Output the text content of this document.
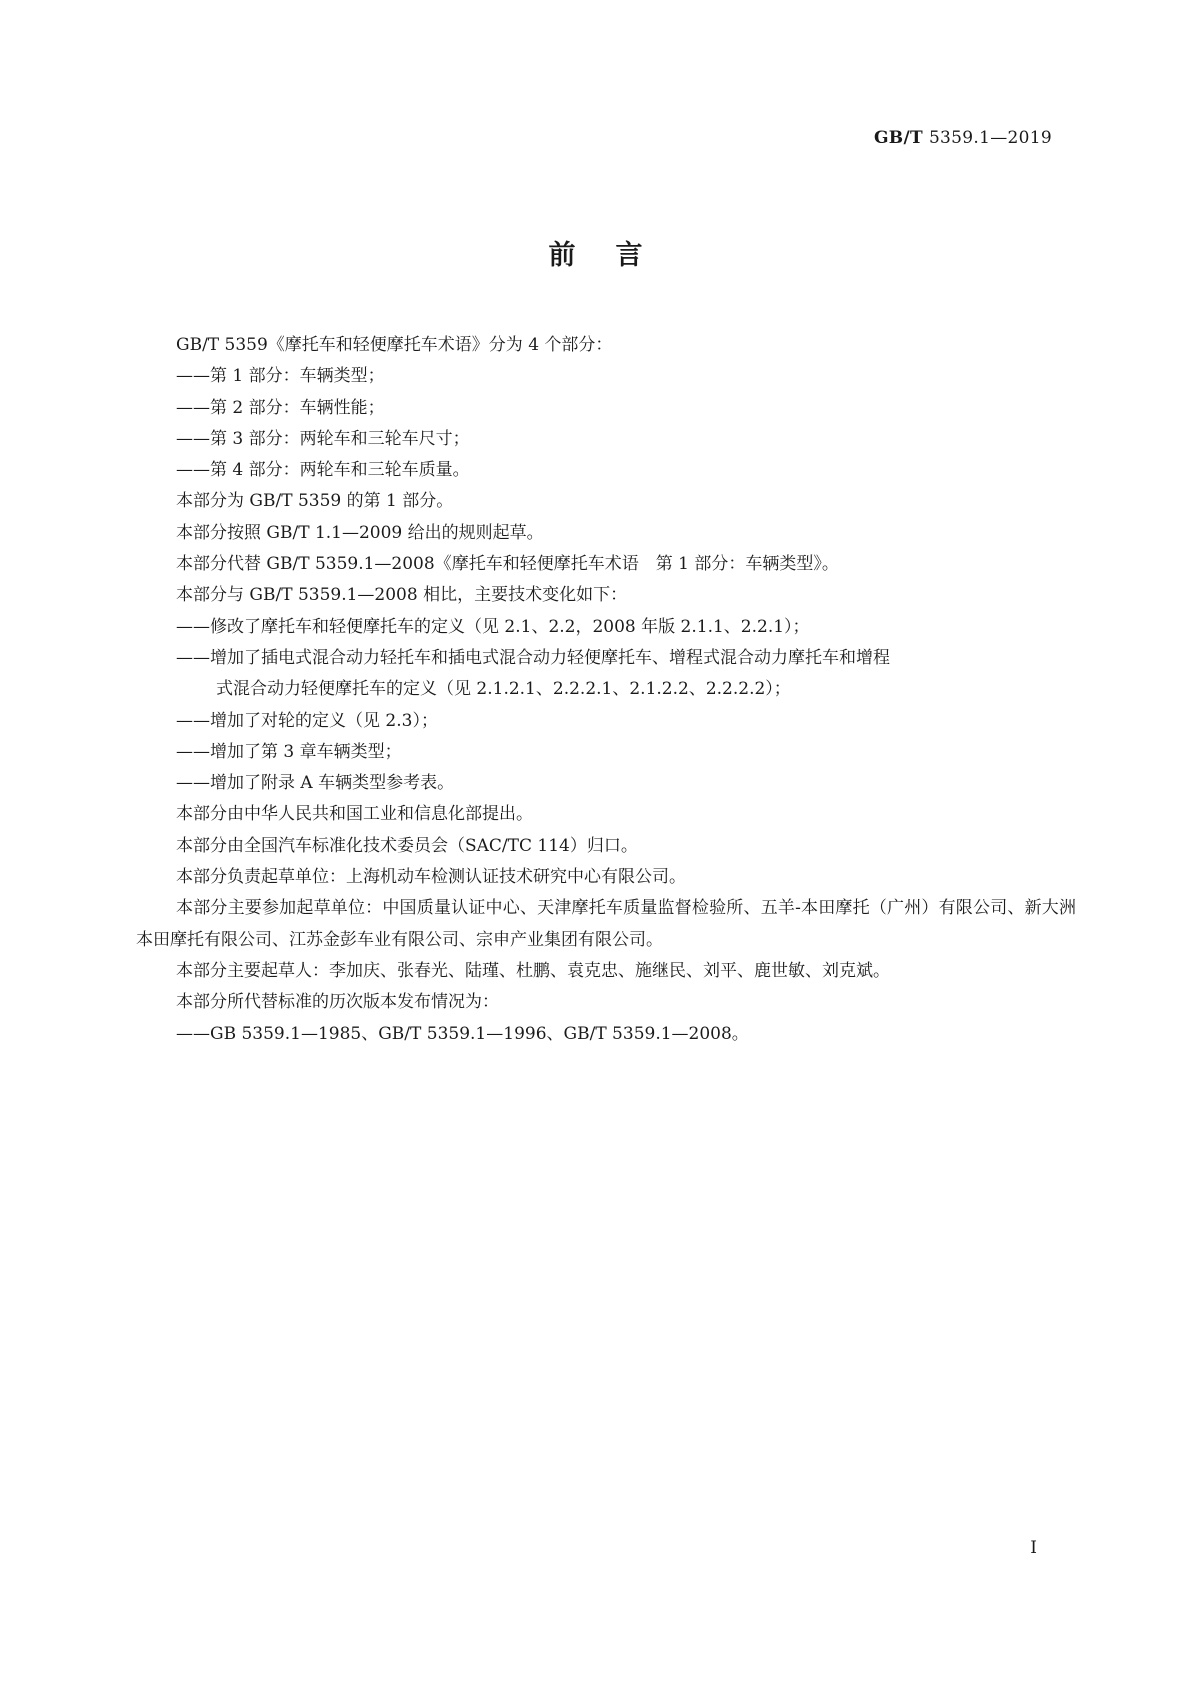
GB/T 5359.1—2019
前言

GB/T 5359《摩托车和轻便摩托车术语》分为 4 个部分：

——第 1 部分：车辆类型；

——第 2 部分：车辆性能；

——第 3 部分：两轮车和三轮车尺寸；

——第 4 部分：两轮车和三轮车质量。

本部分为 GB/T 5359 的第 1 部分。

本部分按照 GB/T 1.1—2009 给出的规则起草。

本部分代替 GB/T 5359.1—2008《摩托车和轻便摩托车术语　第 1 部分：车辆类型》。

本部分与 GB/T 5359.1—2008 相比，主要技术变化如下：

——修改了摩托车和轻便摩托车的定义（见 2.1、2.2，2008 年版 2.1.1、2.2.1）；

——增加了插电式混合动力轻托车和插电式混合动力轻便摩托车、增程式混合动力摩托车和增程

式混合动力轻便摩托车的定义（见 2.1.2.1、2.2.2.1、2.1.2.2、2.2.2.2）；

——增加了对轮的定义（见 2.3）；

——增加了第 3 章车辆类型；

——增加了附录 A 车辆类型参考表。

本部分由中华人民共和国工业和信息化部提出。

本部分由全国汽车标准化技术委员会（SAC/TC 114）归口。

本部分负责起草单位：上海机动车检测认证技术研究中心有限公司。

本部分主要参加起草单位：中国质量认证中心、天津摩托车质量监督检验所、五羊-本田摩托（广州）有限公司、新大洲本田摩托有限公司、江苏金彭车业有限公司、宗申产业集团有限公司。

本部分主要起草人：李加庆、张春光、陆瑾、杜鹏、袁克忠、施继民、刘平、鹿世敏、刘克斌。

本部分所代替标准的历次版本发布情况为：

——GB 5359.1—1985、GB/T 5359.1—1996、GB/T 5359.1—2008。

I
